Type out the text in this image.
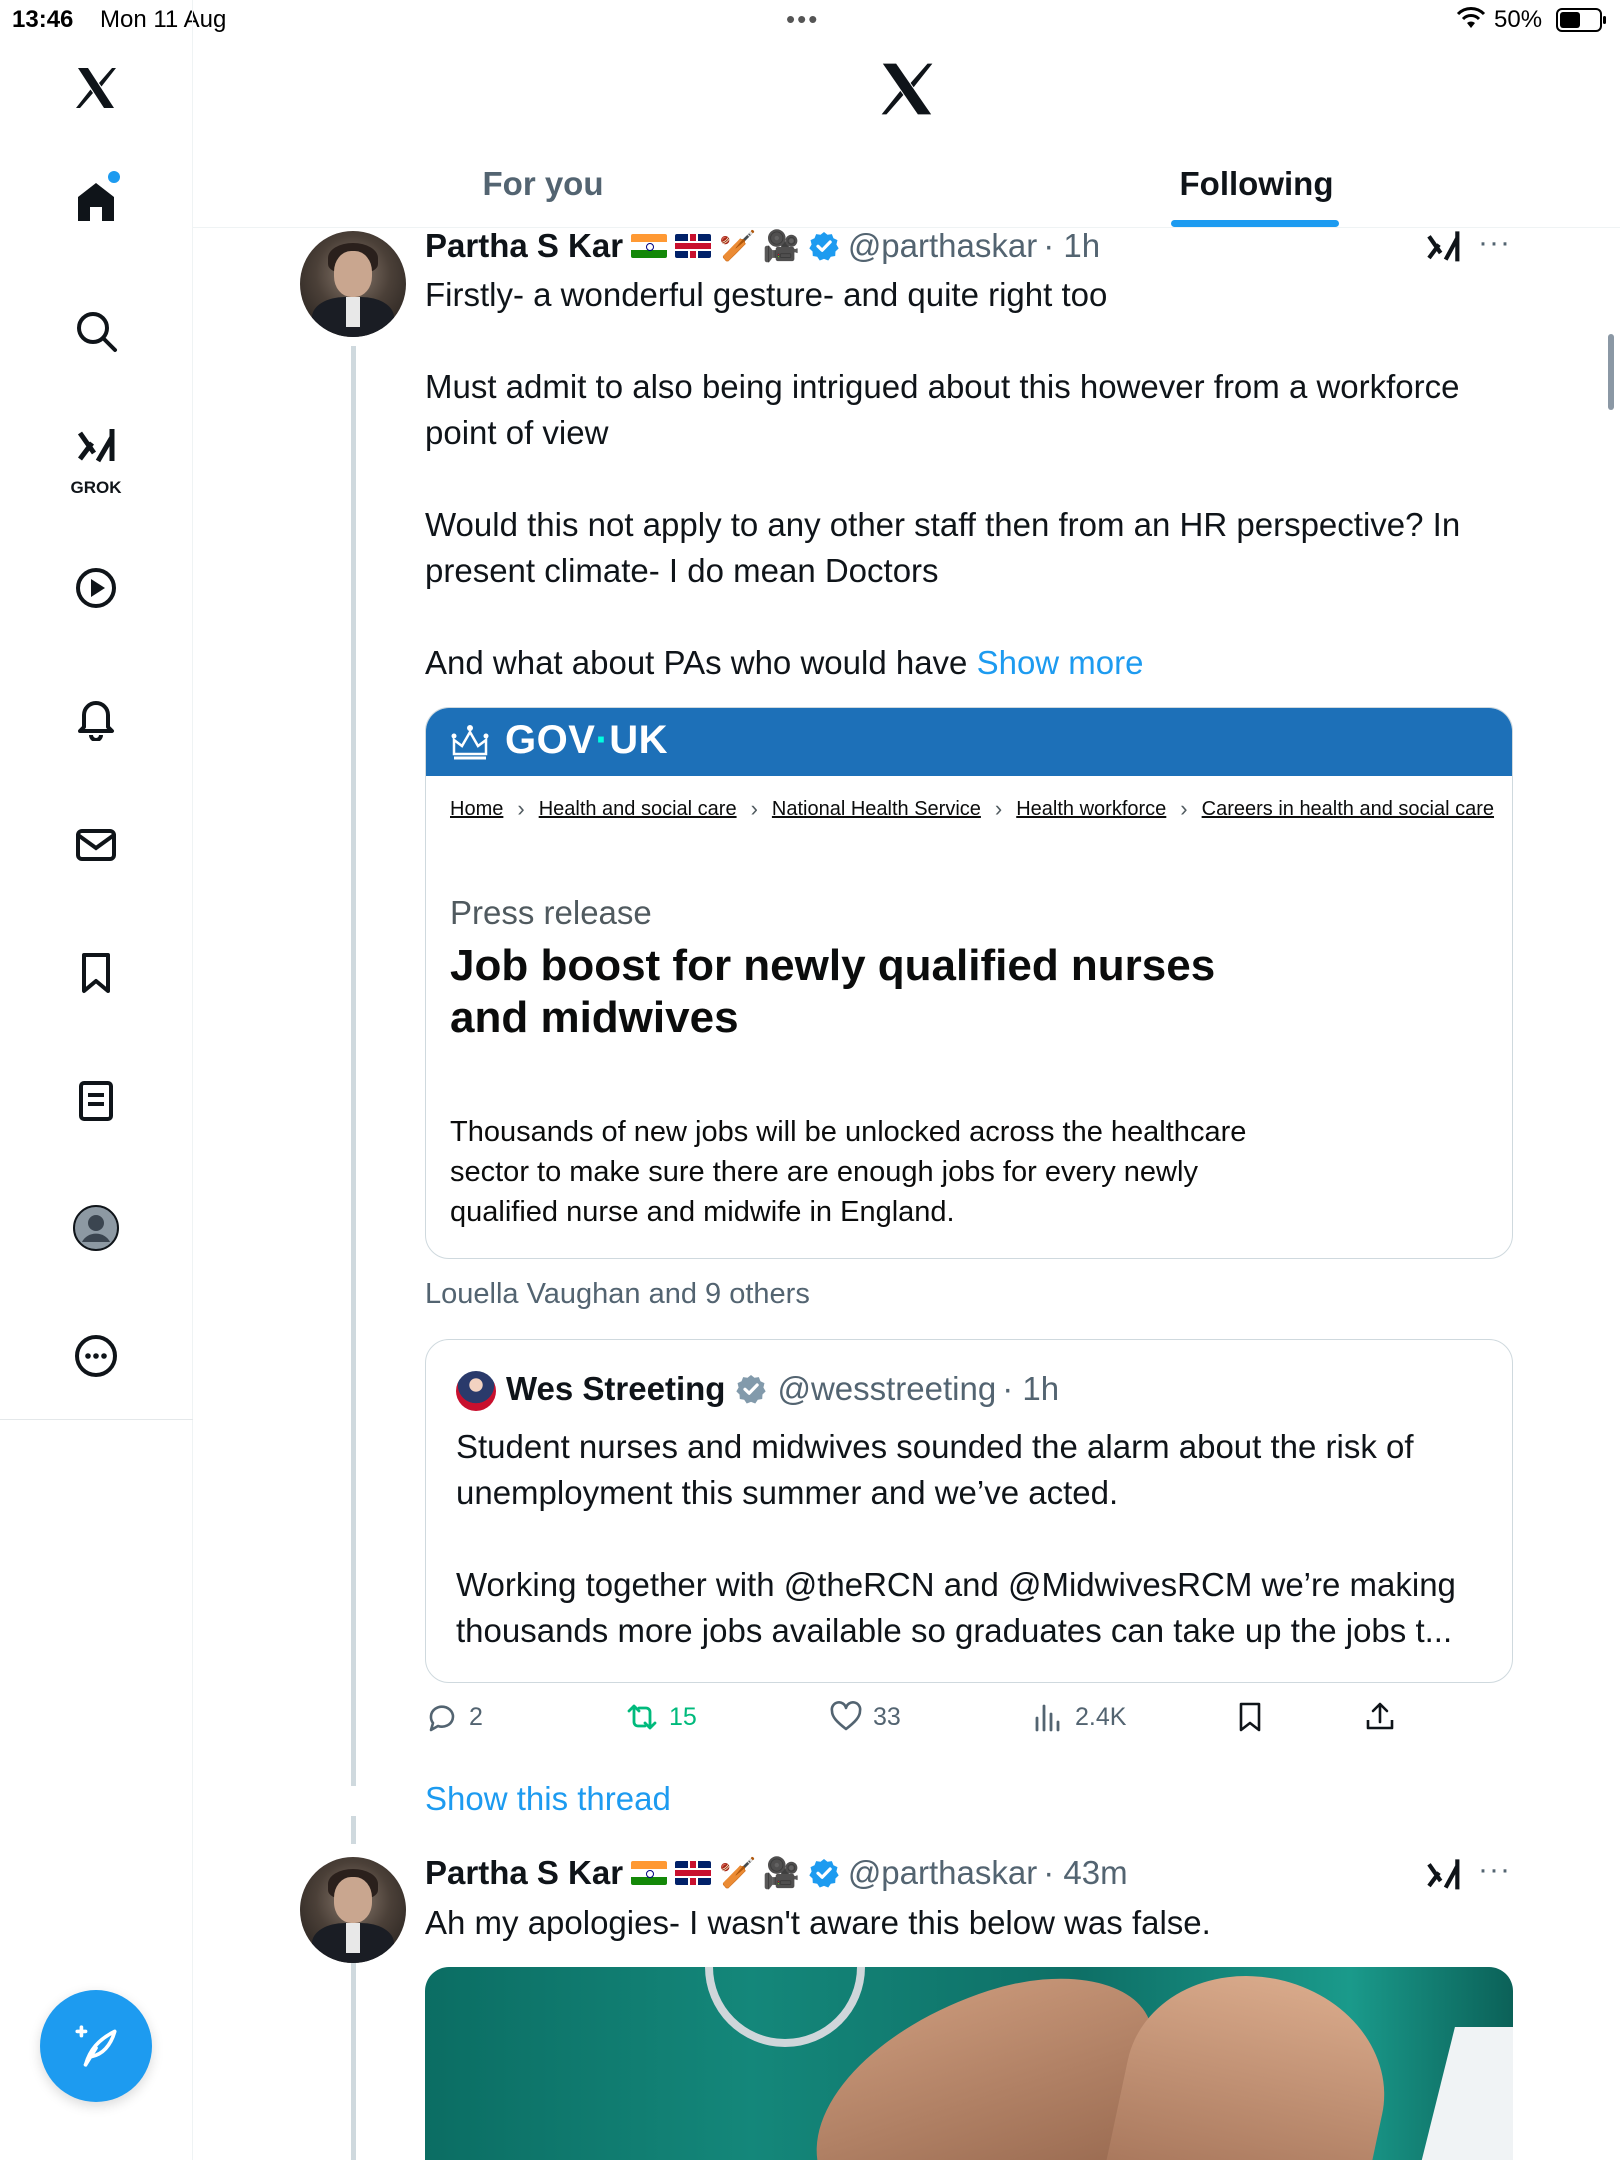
13:46 Mon 11 Aug	•••	50%
GROK
For you	Following
Partha S Kar	🏏 🎥 @parthaskar · 1h	···
Firstly- a wonderful gesture- and quite right too

Must admit to also being intrigued about this however from a workforce point of view

Would this not apply to any other staff then from an HR perspective? In present climate- I do mean Doctors

And what about PAs who would have Show more
GOV·UK
Home › Health and social care › National Health Service › Health workforce › Careers in health and social care
Press release
Job boost for newly qualified nurses and midwives
Thousands of new jobs will be unlocked across the healthcare sector to make sure there are enough jobs for every newly qualified nurse and midwife in England.
Louella Vaughan and 9 others
Wes Streeting @wesstreeting · 1h
Student nurses and midwives sounded the alarm about the risk of unemployment this summer and we’ve acted.

Working together with @theRCN and @MidwivesRCM we’re making thousands more jobs available so graduates can take up the jobs t...
2	15	33	2.4K
Show this thread
Partha S Kar	🏏 🎥 @parthaskar · 43m	···
Ah my apologies- I wasn't aware this below was false.
